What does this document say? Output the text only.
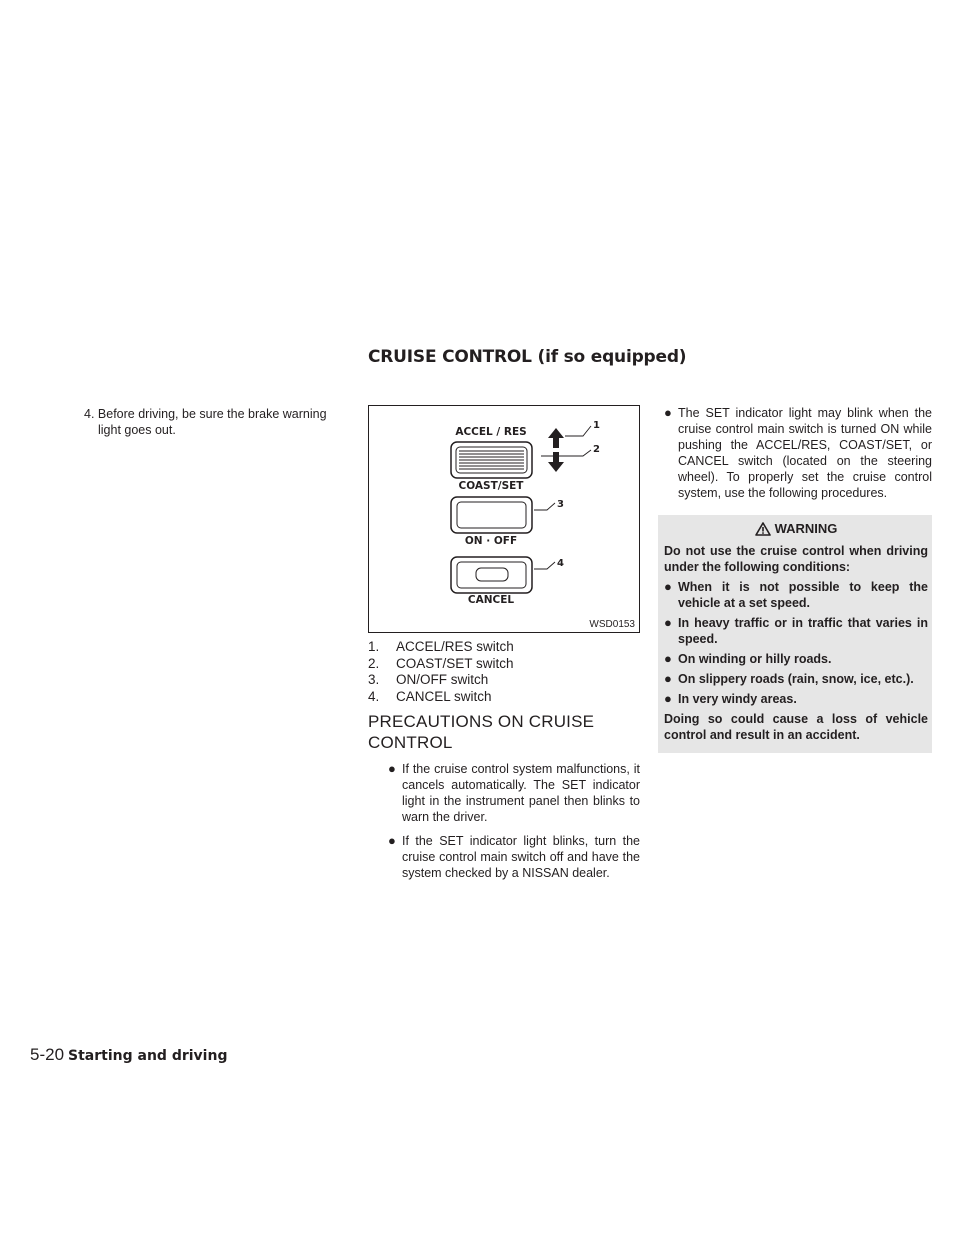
CRUISE CONTROL (if so equipped)

4. Before driving, be sure the brake warning light goes out.	ACCEL / RES
COAST/SET
1
2
3
ON · OFF
4
CANCEL
WSD0153
1.	ACCEL/RES switch
2.	COAST/SET switch
3.	ON/OFF switch
4.	CANCEL switch
PRECAUTIONS ON CRUISE
CONTROL
● If the cruise control system malfunctions, it cancels automatically. The SET indicator light in the instrument panel then blinks to warn the driver.
● If the SET indicator light blinks, turn the cruise control main switch off and have the system checked by a NISSAN dealer.
● The SET indicator light may blink when the cruise control main switch is turned ON while pushing the ACCEL/RES, COAST/SET, or CANCEL switch (located on the steering wheel). To properly set the cruise control system, use the following procedures.
WARNING

Do not use the cruise control when driving under the following conditions:

● When it is not possible to keep the vehicle at a set speed.
● In heavy traffic or in traffic that varies in speed.
● On winding or hilly roads.
● On slippery roads (rain, snow, ice, etc.).
● In very windy areas.

Doing so could cause a loss of vehicle control and result in an accident.

5-20 Starting and driving
